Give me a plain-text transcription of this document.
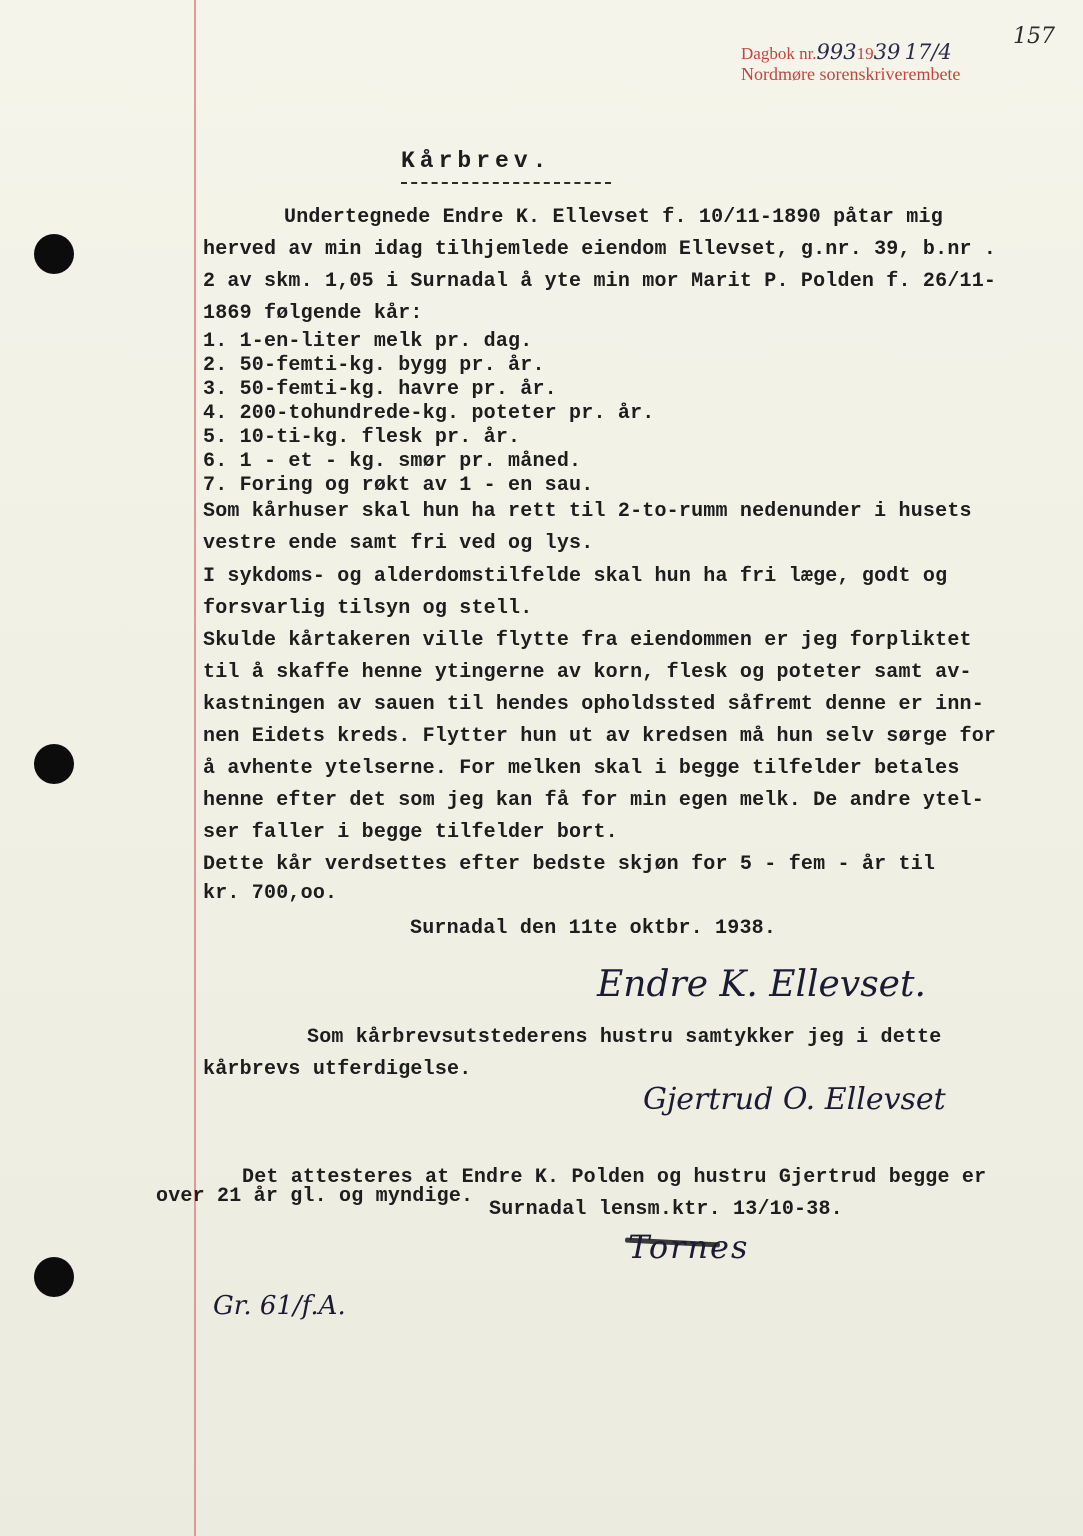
157
Dagbok nr.9931939 17/4
Nordmøre sorenskriverembete
Kårbrev.
Undertegnede Endre K. Ellevset f. 10/11-1890 påtar mig
herved av min idag tilhjemlede eiendom Ellevset, g.nr. 39, b.nr .
2 av skm. 1,05 i Surnadal å yte min mor Marit P. Polden f. 26/11-
1869 følgende kår:
1. 1-en-liter melk pr. dag.
2. 50-femti-kg. bygg pr. år.
3. 50-femti-kg. havre pr. år.
4. 200-tohundrede-kg. poteter pr. år.
5. 10-ti-kg. flesk pr. år.
6. 1 - et - kg. smør pr. måned.
7. Foring og røkt av 1 - en sau.
Som kårhuser skal hun ha rett til 2-to-rumm nedenunder i husets
vestre ende samt fri ved og lys.
I sykdoms- og alderdomstilfelde skal hun ha fri læge, godt og
forsvarlig tilsyn og stell.
Skulde kårtakeren ville flytte fra eiendommen er jeg forpliktet
til å skaffe henne ytingerne av korn, flesk og poteter samt av-
kastningen av sauen til hendes opholdssted såfremt denne er inn-
nen Eidets kreds. Flytter hun ut av kredsen må hun selv sørge for
å avhente ytelserne. For melken skal i begge tilfelder betales
henne efter det som jeg kan få for min egen melk. De andre ytel-
ser faller i begge tilfelder bort.
Dette kår verdsettes efter bedste skjøn for 5 - fem - år til
kr. 700,oo.
Surnadal den 11te oktbr. 1938.
Endre K. Ellevset.
Som kårbrevsutstederens hustru samtykker jeg i dette
kårbrevs utferdigelse.
Gjertrud O. Ellevset
Det attesteres at Endre K. Polden og hustru Gjertrud begge er
over 21 år gl. og myndige.
Surnadal lensm.ktr. 13/10-38.
Tornes
Gr. 61/f.A.
